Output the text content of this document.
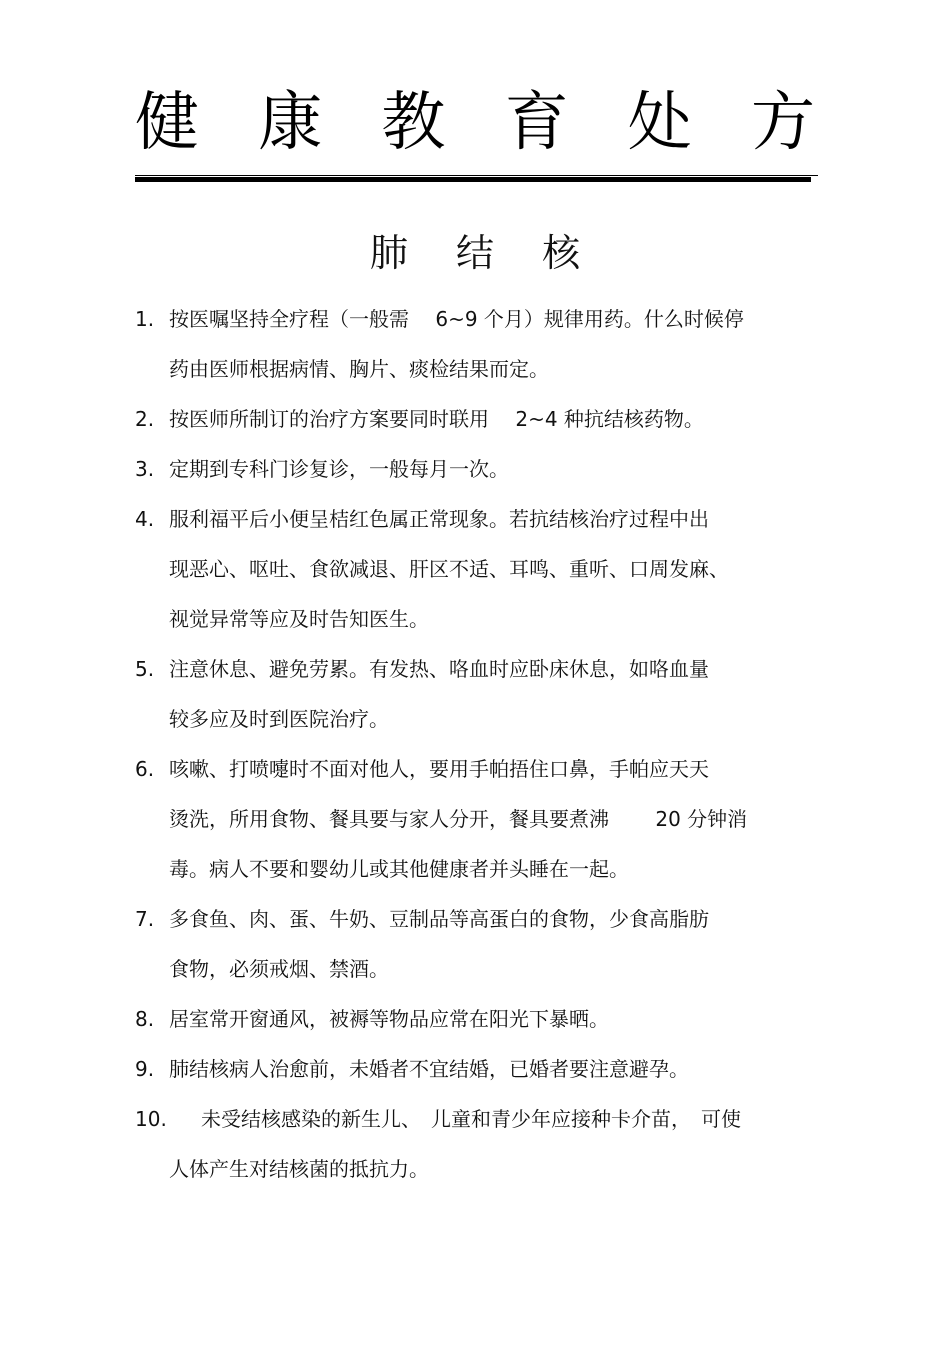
健 康 教 育 处 方
肺 结 核
1. 按医嘱坚持全疗程（一般需　 6~9 个月）规律用药。什么时候停
药由医师根据病情、胸片、痰检结果而定。
2. 按医师所制订的治疗方案要同时联用　 2~4 种抗结核药物。
3. 定期到专科门诊复诊，一般每月一次。
4. 服利福平后小便呈桔红色属正常现象。若抗结核治疗过程中出
现恶心、呕吐、食欲减退、肝区不适、耳鸣、重听、口周发麻、
视觉异常等应及时告知医生。
5. 注意休息、避免劳累。有发热、咯血时应卧床休息，如咯血量
较多应及时到医院治疗。
6. 咳嗽、打喷嚏时不面对他人，要用手帕捂住口鼻，手帕应天天
烫洗，所用食物、餐具要与家人分开，餐具要煮沸　　 20 分钟消
毒。病人不要和婴幼儿或其他健康者并头睡在一起。
7. 多食鱼、肉、蛋、牛奶、豆制品等高蛋白的食物，少食高脂肪
食物，必须戒烟、禁酒。
8. 居室常开窗通风，被褥等物品应常在阳光下暴晒。
9. 肺结核病人治愈前，未婚者不宜结婚，已婚者要注意避孕。
10.	未受结核感染的新生儿、　儿童和青少年应接种卡介苗，　可使
人体产生对结核菌的抵抗力。
